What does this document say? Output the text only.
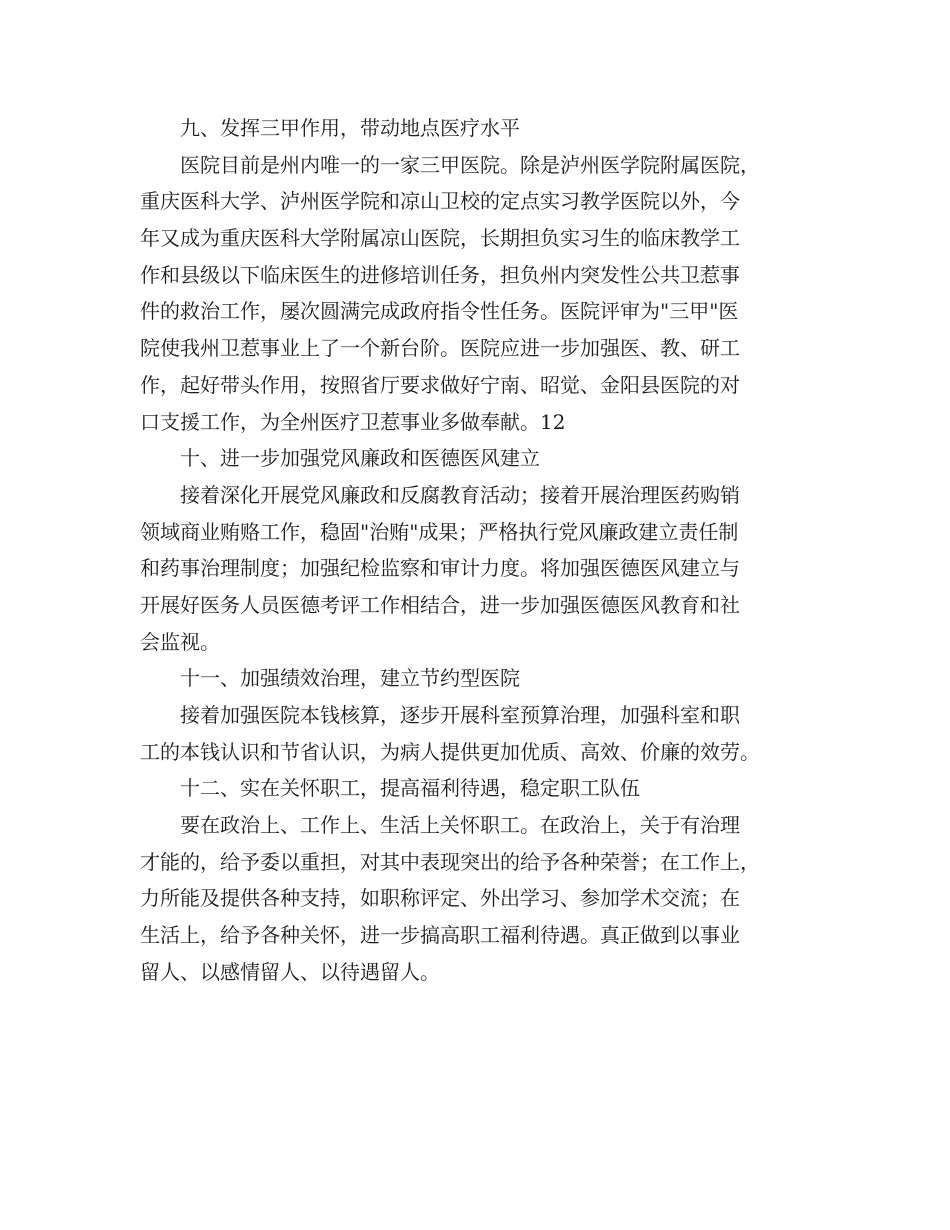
九、发挥三甲作用，带动地点医疗水平
医院目前是州内唯一的一家三甲医院。除是泸州医学院附属医院，
重庆医科大学、泸州医学院和凉山卫校的定点实习教学医院以外，今
年又成为重庆医科大学附属凉山医院，长期担负实习生的临床教学工
作和县级以下临床医生的进修培训任务，担负州内突发性公共卫惹事
件的救治工作，屡次圆满完成政府指令性任务。医院评审为"三甲"医
院使我州卫惹事业上了一个新台阶。医院应进一步加强医、教、研工
作，起好带头作用，按照省厅要求做好宁南、昭觉、金阳县医院的对
口支援工作，为全州医疗卫惹事业多做奉献。12
十、进一步加强党风廉政和医德医风建立
接着深化开展党风廉政和反腐教育活动；接着开展治理医药购销
领域商业贿赂工作，稳固"治贿"成果；严格执行党风廉政建立责任制
和药事治理制度；加强纪检监察和审计力度。将加强医德医风建立与
开展好医务人员医德考评工作相结合，进一步加强医德医风教育和社
会监视。
十一、加强绩效治理，建立节约型医院
接着加强医院本钱核算，逐步开展科室预算治理，加强科室和职
工的本钱认识和节省认识，为病人提供更加优质、高效、价廉的效劳。
十二、实在关怀职工，提高福利待遇，稳定职工队伍
要在政治上、工作上、生活上关怀职工。在政治上，关于有治理
才能的，给予委以重担，对其中表现突出的给予各种荣誉；在工作上，
力所能及提供各种支持，如职称评定、外出学习、参加学术交流；在
生活上，给予各种关怀，进一步搞高职工福利待遇。真正做到以事业
留人、以感情留人、以待遇留人。
